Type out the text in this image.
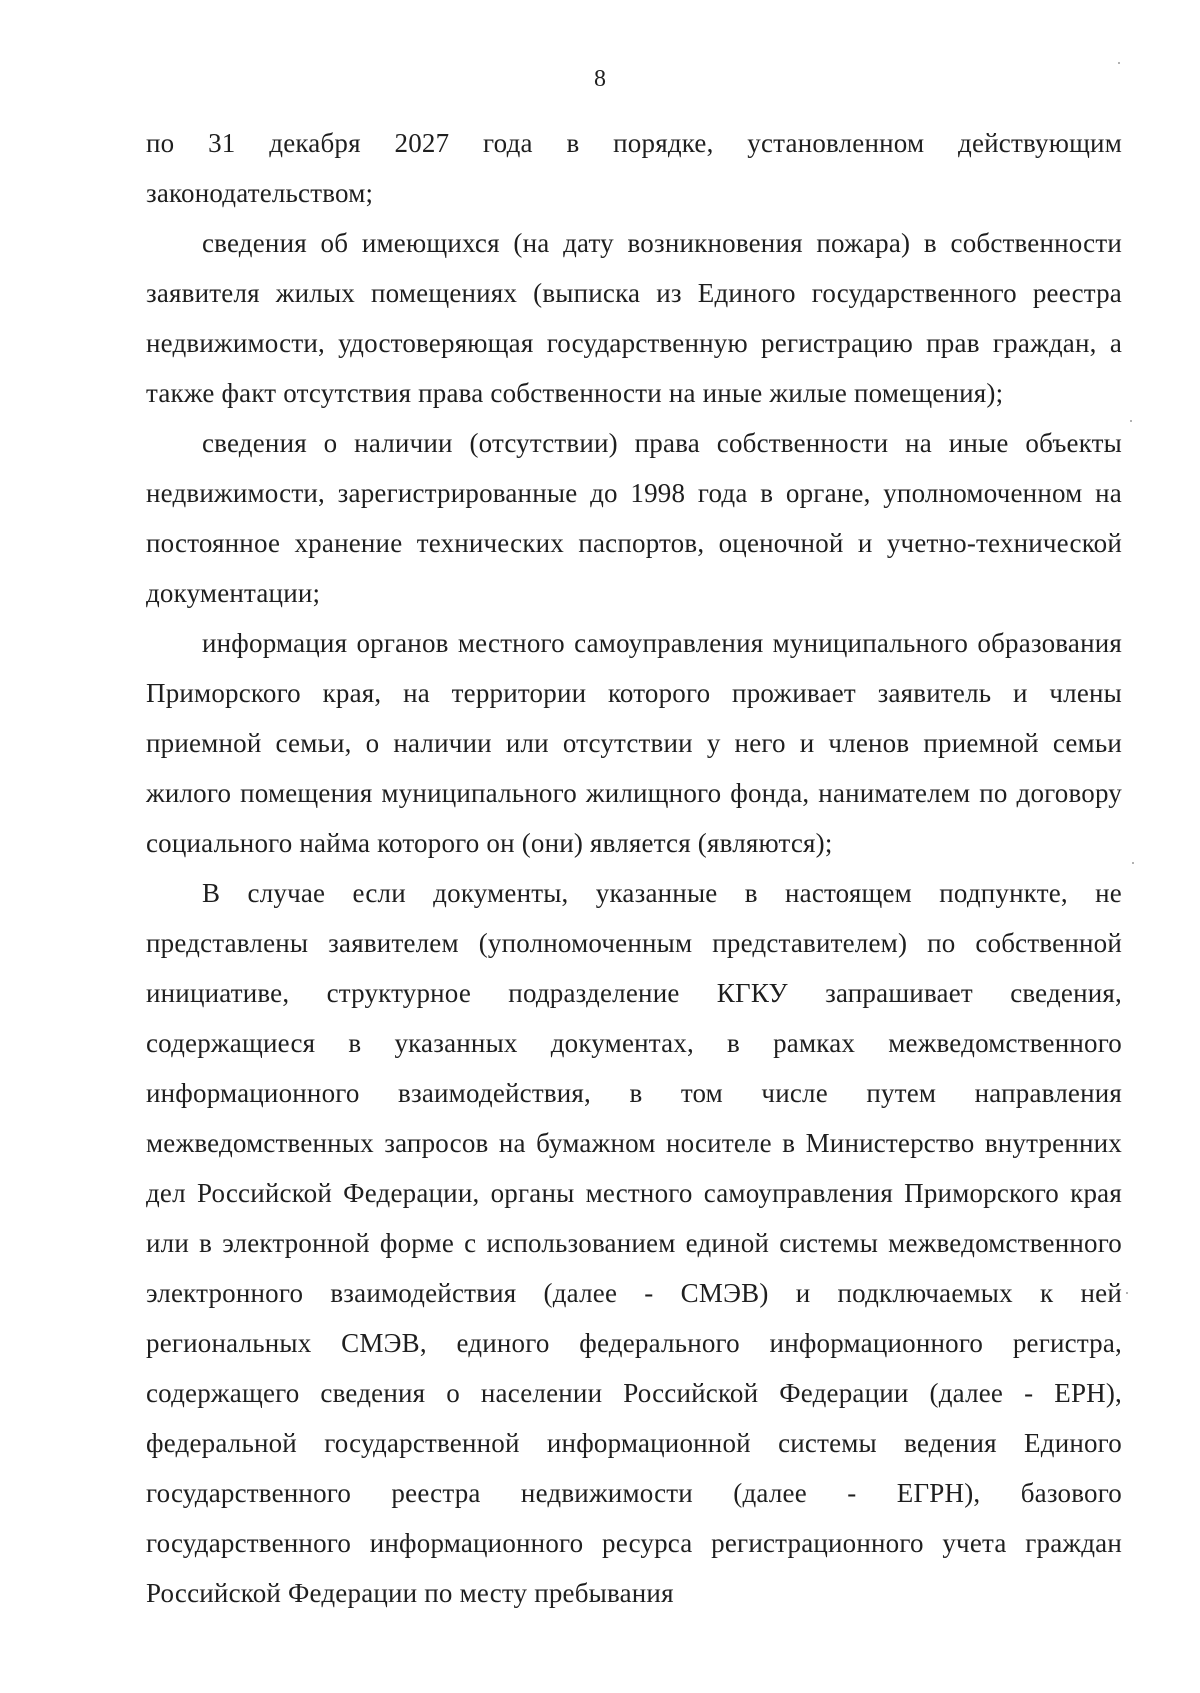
8

по 31 декабря 2027 года в порядке, установленном действующим законодательством;

сведения об имеющихся (на дату возникновения пожара) в собственности заявителя жилых помещениях (выписка из Единого государственного реестра недвижимости, удостоверяющая государственную регистрацию прав граждан, а также факт отсутствия права собственности на иные жилые помещения);

сведения о наличии (отсутствии) права собственности на иные объекты недвижимости, зарегистрированные до 1998 года в органе, уполномоченном на постоянное хранение технических паспортов, оценочной и учетно-технической документации;

информация органов местного самоуправления муниципального образования Приморского края, на территории которого проживает заявитель и члены приемной семьи, о наличии или отсутствии у него и членов приемной семьи жилого помещения муниципального жилищного фонда, нанимателем по договору социального найма которого он (они) является (являются);

В случае если документы, указанные в настоящем подпункте, не представлены заявителем (уполномоченным представителем) по собственной инициативе, структурное подразделение КГКУ запрашивает сведения, содержащиеся в указанных документах, в рамках межведомственного информационного взаимодействия, в том числе путем направления межведомственных запросов на бумажном носителе в Министерство внутренних дел Российской Федерации, органы местного самоуправления Приморского края или в электронной форме с использованием единой системы межведомственного электронного взаимодействия (далее - СМЭВ) и подключаемых к ней региональных СМЭВ, единого федерального информационного регистра, содержащего сведения о населении Российской Федерации (далее - ЕРН), федеральной государственной информационной системы ведения Единого государственного реестра недвижимости (далее - ЕГРН), базового государственного информационного ресурса регистрационного учета граждан Российской Федерации по месту пребывания
